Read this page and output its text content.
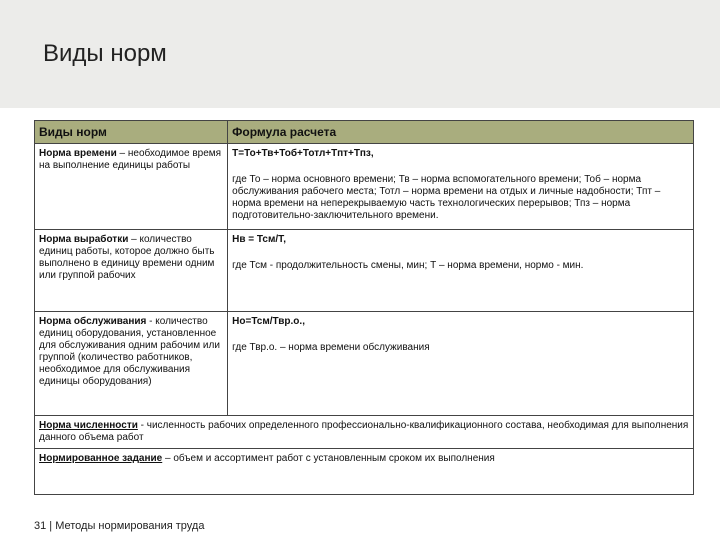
Виды норм
Виды норм	Формула расчета
Норма времени – необходимое время на выполнение единицы работы	Т=То+Тв+Тоб+Тотл+Тпт+Тпз,
где То – норма основного времени; Тв – норма вспомогательного времени; Тоб – норма обслуживания рабочего места; Тотл – норма времени на отдых и личные надобности; Тпт – норма времени на неперекрываемую часть технологических перерывов; Тпз – норма подготовительно-заключительного времени.
Норма выработки – количество единиц работы, которое должно быть выполнено в единицу времени одним или группой рабочих	Нв = Тсм/Т,
где Тсм - продолжительность смены, мин; Т – норма времени, нормо - мин.
Норма обслуживания - количество единиц оборудования, установленное для обслуживания одним рабочим или группой (количество работников, необходимое для обслуживания единицы оборудования)	Но=Тсм/Твр.о.,
где Твр.о. – норма времени обслуживания
Норма численности - численность рабочих определенного профессионально-квалификационного состава, необходимая для выполнения данного объема работ	
Нормированное задание – объем и ассортимент работ с установленным сроком их выполнения	
31 | Методы нормирования труда
